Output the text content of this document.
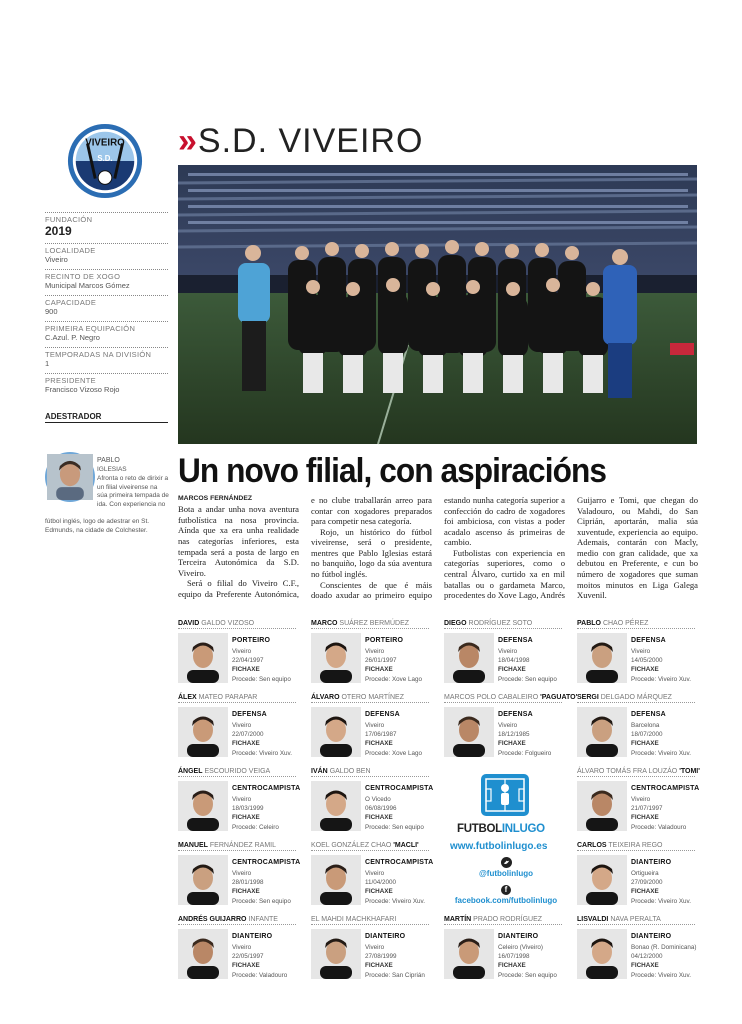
VIVEIRO
S.D. » S.D. VIVEIRO
FUNDACIÓN
2019
LOCALIDADE
Viveiro
RECINTO DE XOGO
Municipal Marcos Gómez
CAPACIDADE
900
PRIMEIRA EQUIPACIÓN
C.Azul. P. Negro
TEMPORADAS NA DIVISIÓN
1
PRESIDENTE
Francisco Vizoso Rojo
ADESTRADOR
PABLO
IGLESIAS
Afronta o reto de dirixir a un filial viveirense na súa primeira tempada de ida. Con experiencia no
fútbol inglés, logo de adestrar en St. Edmunds, na cidade de Colchester.
Un novo filial, con aspiracións
MARCOS FERNÁNDEZ

Bota a andar unha nova aventura futbolística na nosa provincia. Aínda que xa era unha realidade nas categorías inferiores, esta tempada será a posta de largo en Terceira Autonómica da S.D. Viveiro.

Será o filial do Viveiro C.F., equipo da Preferente Autonómica, e no clube traballarán arreo para contar con xogadores preparados para competir nesa categoría.

Rojo, un histórico do fútbol viveirense, será o presidente, mentres que Pablo Iglesias estará no banquiño, logo da súa aventura no fútbol inglés.

Conscientes de que é máis doado axudar ao primeiro equipo estando nunha categoría superior a confección do cadro de xogadores foi ambiciosa, con vistas a poder acadalo ascenso ás primeiras de cambio.

Futbolistas con experiencia en categorías superiores, como o central Álvaro, curtido xa en mil batallas ou o gardameta Marco, procedentes do Xove Lago, Andrés Guijarro e Tomi, que chegan do Valadouro, ou Mahdi, do San Ciprián, aportarán, malia súa xuventude, experiencia ao equipo. Ademais, contarán con Macly, medio con gran calidade, que xa debutou en Preferente, e cun bo número de xogadores que suman moitos minutos en Liga Galega Xuvenil.

DAVID GALDO VIZOSO
PORTEIRO
Viveiro
22/04/1997
FICHAXE
Procede: Sen equipo
MARCO SUÁREZ BERMÚDEZ
PORTEIRO
Viveiro
26/01/1997
FICHAXE
Procede: Xove Lago
DIEGO RODRÍGUEZ SOTO
DEFENSA
Viveiro
18/04/1998
FICHAXE
Procede: Sen equipo
PABLO CHAO PÉREZ
DEFENSA
Viveiro
14/05/2000
FICHAXE
Procede: Viveiro Xuv.
ÁLEX MATEO PARAPAR
DEFENSA
Viveiro
22/07/2000
FICHAXE
Procede: Viveiro Xuv.
ÁLVARO OTERO MARTÍNEZ
DEFENSA
Viveiro
17/06/1987
FICHAXE
Procede: Xove Lago
MARCOS POLO CABALEIRO 'PAGUATO'
DEFENSA
Viveiro
18/12/1985
FICHAXE
Procede: Folgueiro
SERGI DELGADO MÁRQUEZ
DEFENSA
Barcelona
18/07/2000
FICHAXE
Procede: Viveiro Xuv.
ÁNGEL ESCOURIDO VEIGA
CENTROCAMPISTA
Viveiro
18/03/1999
FICHAXE
Procede: Celeiro
IVÁN GALDO BEN
CENTROCAMPISTA
O Vicedo
06/08/1996
FICHAXE
Procede: Sen equipo
ÁLVARO TOMÁS FRA LOUZÁO 'TOMI'
CENTROCAMPISTA
Viveiro
21/07/1997
FICHAXE
Procede: Valadouro
MANUEL FERNÁNDEZ RAMIL
CENTROCAMPISTA
Viveiro
28/01/1998
FICHAXE
Procede: Sen equipo
KOEL GONZÁLEZ CHAO 'MACLI'
CENTROCAMPISTA
Viveiro
11/04/2000
FICHAXE
Procede: Viveiro Xuv.
CARLOS TEIXEIRA REGO
DIANTEIRO
Ortigueira
27/09/2000
FICHAXE
Procede: Viveiro Xuv.
ANDRÉS GUIJARRO INFANTE
DIANTEIRO
Viveiro
22/05/1997
FICHAXE
Procede: Valadouro
EL MAHDI MACHKHAFARI
DIANTEIRO
Viveiro
27/08/1999
FICHAXE
Procede: San Ciprián
MARTÍN PRADO RODRÍGUEZ
DIANTEIRO
Celeiro (Viveiro)
16/07/1998
FICHAXE
Procede: Sen equipo
LISVALDI NAVA PERALTA
DIANTEIRO
Bonao (R. Dominicana)
04/12/2000
FICHAXE
Procede: Viveiro Xuv.
FUTBOLINLUGO
www.futbolinlugo.es
@futbolinlugo
f
facebook.com/futbolinlugo
